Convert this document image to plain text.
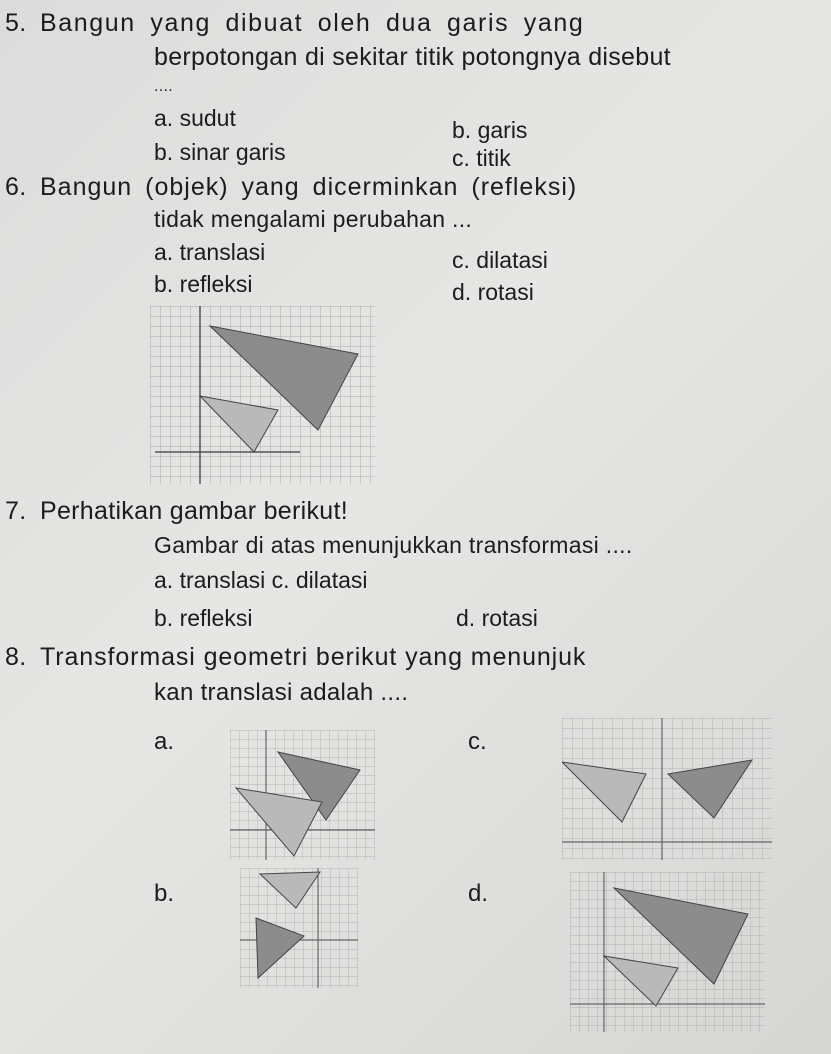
5. Bangun yang dibuat oleh dua garis yang
berpotongan di sekitar titik potongnya disebut
....
a. sudut	b. garis
b. sinar garis	c. titik
6. Bangun (objek) yang dicerminkan (refleksi)
tidak mengalami perubahan ...
a. translasi	c. dilatasi
b. refleksi	d. rotasi
7. Perhatikan gambar berikut!
Gambar di atas menunjukkan transformasi ....
a. translasi c. dilatasi
b. refleksi	d. rotasi
8. Transformasi geometri berikut yang menunjuk
kan translasi adalah ....
a.	c.
b.	d.
